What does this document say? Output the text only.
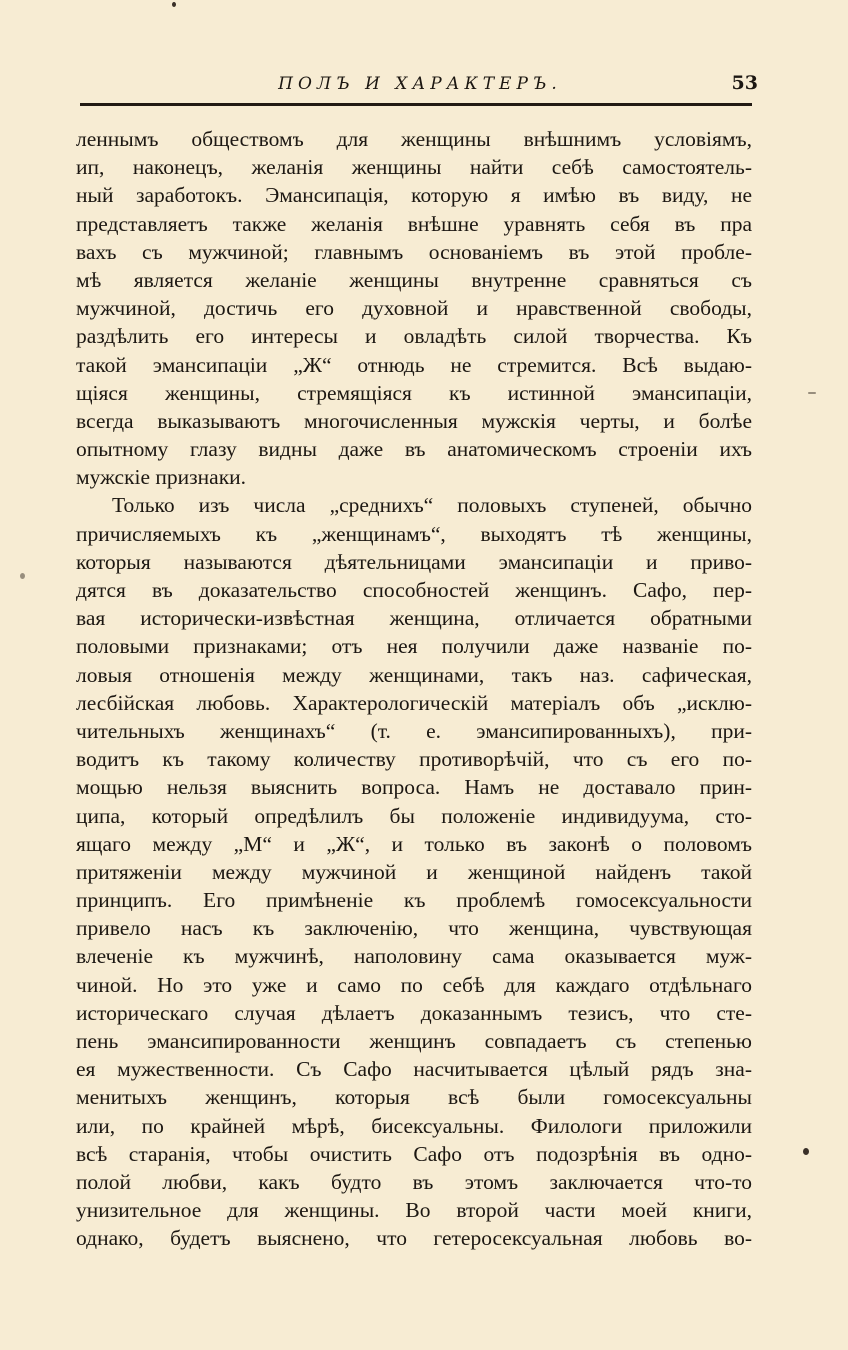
ПОЛЪ И ХАРАКТЕРЪ.	53
леннымъ обществомъ для женщины внѣшнимъ условіямъ,
ип, наконецъ, желанія женщины найти себѣ самостоятель-
ный заработокъ. Эмансипація, которую я имѣю въ виду, не
представляетъ также желанія внѣшне уравнять себя въ пра
вахъ съ мужчиной; главнымъ основаніемъ въ этой пробле-
мѣ является желаніе женщины внутренне сравняться съ
мужчиной, достичь его духовной и нравственной свободы,
раздѣлить его интересы и овладѣть силой творчества. Къ
такой эмансипаціи „Ж“ отнюдь не стремится. Всѣ выдаю-
щіяся женщины, стремящіяся къ истинной эмансипаціи,
всегда выказываютъ многочисленныя мужскія черты, и болѣе
опытному глазу видны даже въ анатомическомъ строеніи ихъ
мужскіе признаки.
Только изъ числа „среднихъ“ половыхъ ступеней, обычно
причисляемыхъ къ „женщинамъ“, выходятъ тѣ женщины,
которыя называются дѣятельницами эмансипаціи и приво-
дятся въ доказательство способностей женщинъ. Сафо, пер-
вая исторически-извѣстная женщина, отличается обратными
половыми признаками; отъ нея получили даже названіе по-
ловыя отношенія между женщинами, такъ наз. сафическая,
лесбійская любовь. Характерологическій матеріалъ объ „исклю-
чительныхъ женщинахъ“ (т. е. эмансипированныхъ), при-
водитъ къ такому количеству противорѣчій, что съ его по-
мощью нельзя выяснить вопроса. Намъ не доставало прин-
ципа, который опредѣлилъ бы положеніе индивидуума, сто-
ящаго между „М“ и „Ж“, и только въ законѣ о половомъ
притяженіи между мужчиной и женщиной найденъ такой
принципъ. Его примѣненіе къ проблемѣ гомосексуальности
привело насъ къ заключенію, что женщина, чувствующая
влеченіе къ мужчинѣ, наполовину сама оказывается муж-
чиной. Но это уже и само по себѣ для каждаго отдѣльнаго
историческаго случая дѣлаетъ доказаннымъ тезисъ, что сте-
пень эмансипированности женщинъ совпадаетъ съ степенью
ея мужественности. Съ Сафо насчитывается цѣлый рядъ зна-
менитыхъ женщинъ, которыя всѣ были гомосексуальны
или, по крайней мѣрѣ, бисексуальны. Филологи приложили
всѣ старанія, чтобы очистить Сафо отъ подозрѣнія въ одно-
полой любви, какъ будто въ этомъ заключается что-то
унизительное для женщины. Во второй части моей книги,
однако, будетъ выяснено, что гетеросексуальная любовь во-
